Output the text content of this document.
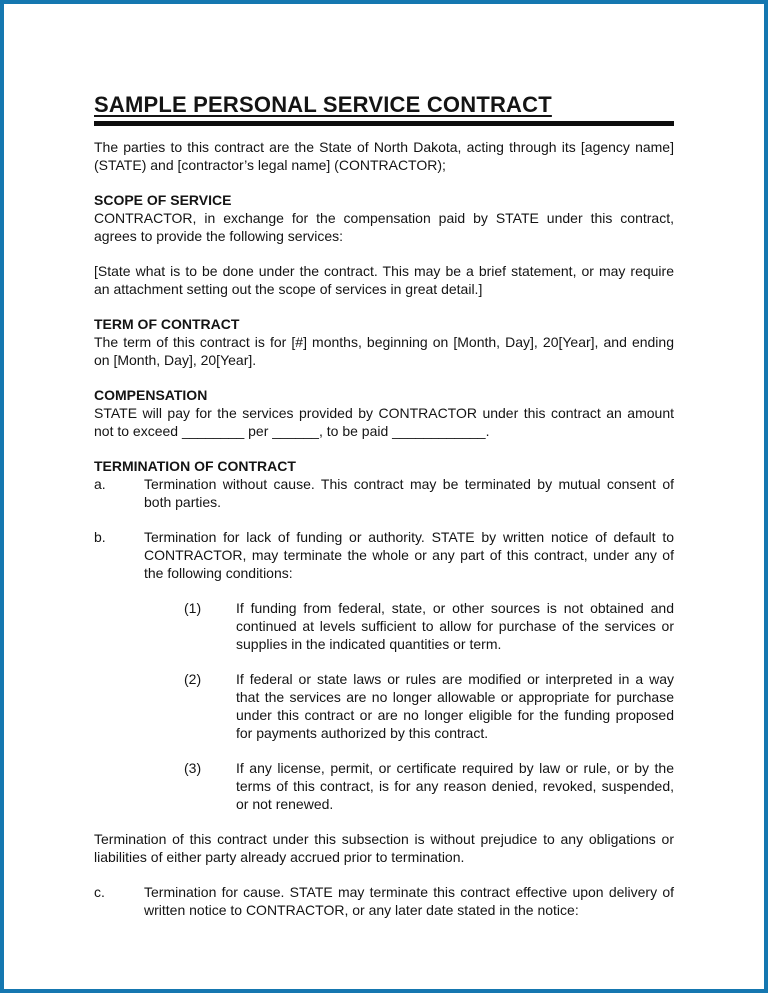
SAMPLE PERSONAL SERVICE CONTRACT

The parties to this contract are the State of North Dakota, acting through its [agency name] (STATE) and [contractor’s legal name] (CONTRACTOR);

SCOPE OF SERVICE

CONTRACTOR, in exchange for the compensation paid by STATE under this contract, agrees to provide the following services:

[State what is to be done under the contract. This may be a brief statement, or may require an attachment setting out the scope of services in great detail.]

TERM OF CONTRACT

The term of this contract is for [#] months, beginning on [Month, Day], 20[Year], and ending on [Month, Day], 20[Year].

COMPENSATION

STATE will pay for the services provided by CONTRACTOR under this contract an amount not to exceed ________ per ______, to be paid ____________.

TERMINATION OF CONTRACT
a.	Termination without cause. This contract may be terminated by mutual consent of both parties.
b.	Termination for lack of funding or authority. STATE by written notice of default to CONTRACTOR, may terminate the whole or any part of this contract, under any of the following conditions:
(1)	If funding from federal, state, or other sources is not obtained and continued at levels sufficient to allow for purchase of the services or supplies in the indicated quantities or term.
(2)	If federal or state laws or rules are modified or interpreted in a way that the services are no longer allowable or appropriate for purchase under this contract or are no longer eligible for the funding proposed for payments authorized by this contract.
(3)	If any license, permit, or certificate required by law or rule, or by the terms of this contract, is for any reason denied, revoked, suspended, or not renewed.

Termination of this contract under this subsection is without prejudice to any obligations or liabilities of either party already accrued prior to termination.

c.	Termination for cause. STATE may terminate this contract effective upon delivery of written notice to CONTRACTOR, or any later date stated in the notice:
